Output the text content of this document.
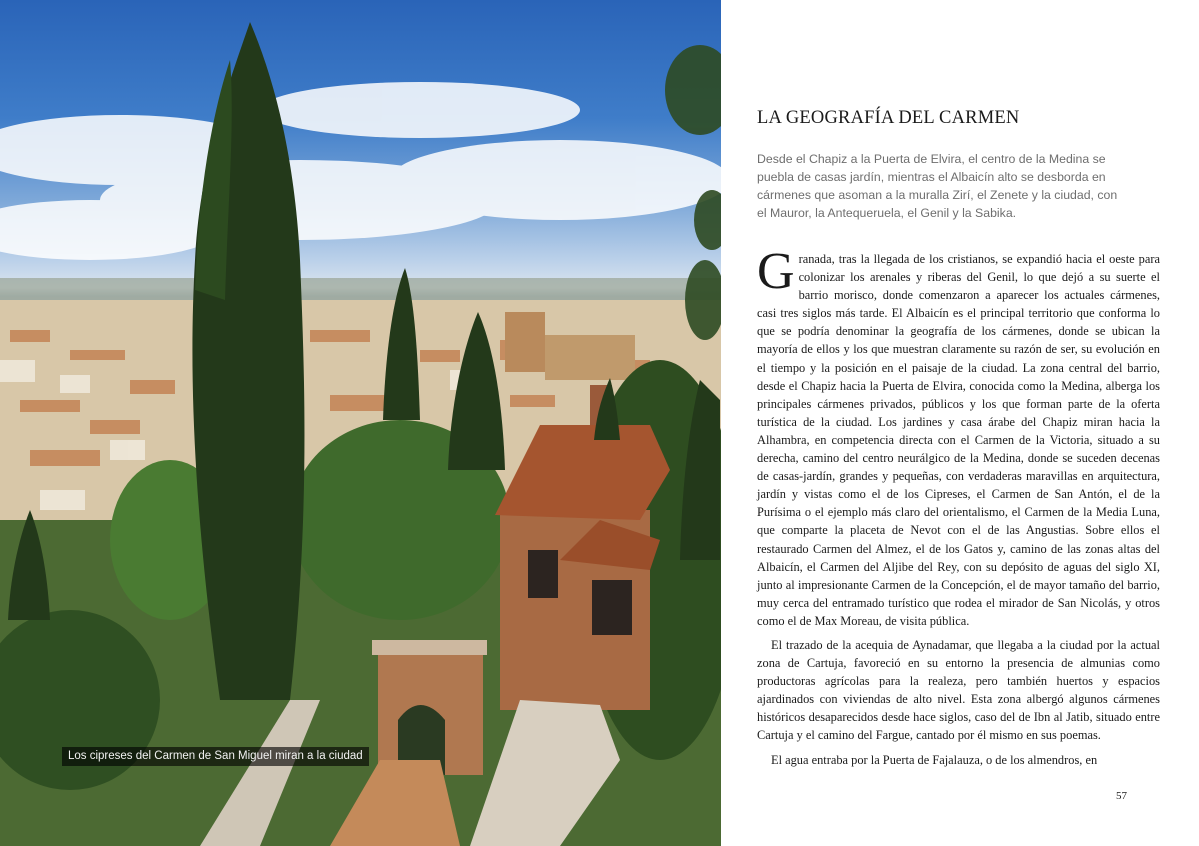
Los cipreses del Carmen de San Miguel miran a la ciudad
LA GEOGRAFÍA DEL CARMEN

Desde el Chapiz a la Puerta de Elvira, el centro de la Medina se puebla de casas jardín, mientras el Albaicín alto se desborda en cármenes que asoman a la muralla Zirí, el Zenete y la ciudad, con el Mauror, la Antequeruela, el Genil y la Sabika.

Granada, tras la llegada de los cristianos, se expandió hacia el oeste para colonizar los arenales y riberas del Genil, lo que dejó a su suerte el barrio morisco, donde comenzaron a aparecer los actuales cármenes, casi tres siglos más tarde. El Albaicín es el principal territorio que conforma lo que se podría denominar la geografía de los cármenes, donde se ubican la mayoría de ellos y los que muestran claramente su razón de ser, su evolución en el tiempo y la posición en el paisaje de la ciudad. La zona central del barrio, desde el Chapiz hacia la Puerta de Elvira, conocida como la Medina, alberga los principales cármenes privados, públicos y los que forman parte de la oferta turística de la ciudad. Los jardines y casa árabe del Chapiz miran hacia la Alhambra, en competencia directa con el Carmen de la Victoria, situado a su derecha, camino del centro neurálgico de la Medina, donde se suceden decenas de casas-jardín, grandes y pequeñas, con verdaderas maravillas en arquitectura, jardín y vistas como el de los Cipreses, el Carmen de San Antón, el de la Purísima o el ejemplo más claro del orientalismo, el Carmen de la Media Luna, que comparte la placeta de Nevot con el de las Angustias. Sobre ellos el restaurado Carmen del Almez, el de los Gatos y, camino de las zonas altas del Albaicín, el Carmen del Aljibe del Rey, con su depósito de aguas del siglo XI, junto al impresionante Carmen de la Concepción, el de mayor tamaño del barrio, muy cerca del entramado turístico que rodea el mirador de San Nicolás, y otros como el de Max Moreau, de visita pública.

El trazado de la acequia de Aynadamar, que llegaba a la ciudad por la actual zona de Cartuja, favoreció en su entorno la presencia de almunias como productoras agrícolas para la realeza, pero también huertos y espacios ajardinados con viviendas de alto nivel. Esta zona albergó algunos cármenes históricos desaparecidos desde hace siglos, caso del de Ibn al Jatib, situado entre Cartuja y el camino del Fargue, cantado por él mismo en sus poemas.

El agua entraba por la Puerta de Fajalauza, o de los almendros, en

57
